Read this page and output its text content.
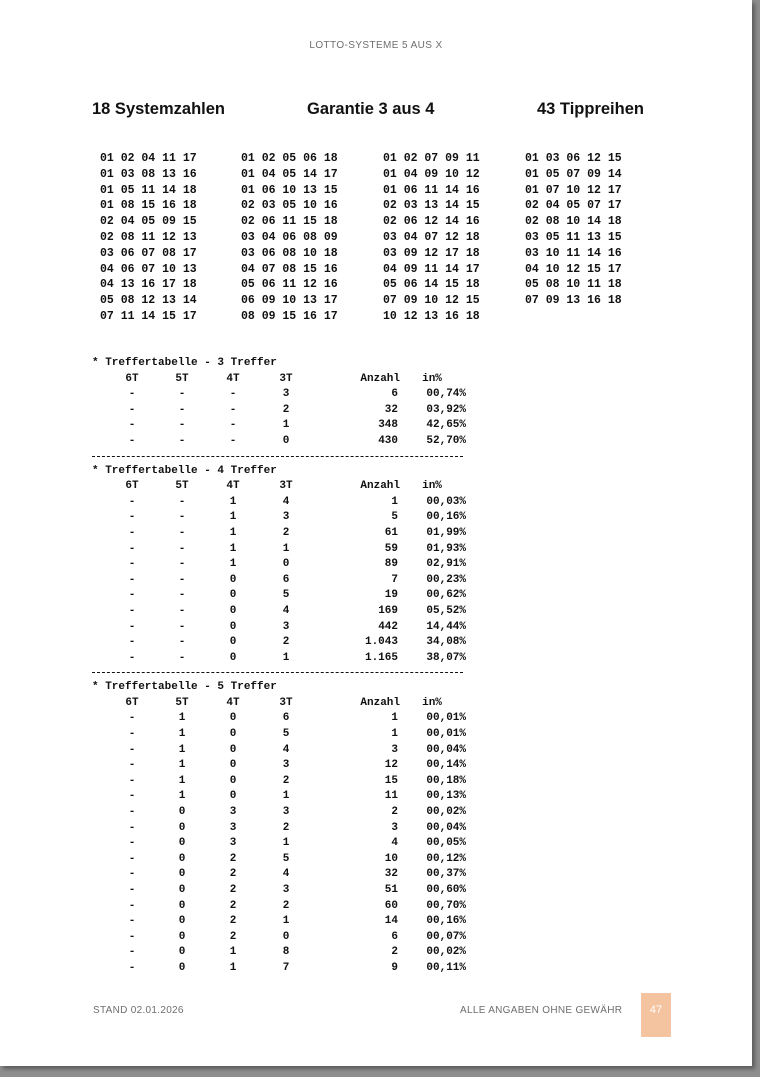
LOTTO-SYSTEME 5 AUS X
18 Systemzahlen	Garantie 3 aus 4	43 Tippreihen
01 02 04 11 17
01 03 08 13 16
01 05 11 14 18
01 08 15 16 18
02 04 05 09 15
02 08 11 12 13
03 06 07 08 17
04 06 07 10 13
04 13 16 17 18
05 08 12 13 14
07 11 14 15 17
01 02 05 06 18
01 04 05 14 17
01 06 10 13 15
02 03 05 10 16
02 06 11 15 18
03 04 06 08 09
03 06 08 10 18
04 07 08 15 16
05 06 11 12 16
06 09 10 13 17
08 09 15 16 17
01 02 07 09 11
01 04 09 10 12
01 06 11 14 16
02 03 13 14 15
02 06 12 14 16
03 04 07 12 18
03 09 12 17 18
04 09 11 14 17
05 06 14 15 18
07 09 10 12 15
10 12 13 16 18
01 03 06 12 15
01 05 07 09 14
01 07 10 12 17
02 04 05 07 17
02 08 10 14 18
03 05 11 13 15
03 10 11 14 16
04 10 12 15 17
05 08 10 11 18
07 09 13 16 18
* Treffertabelle - 3 Treffer
6T	5T	4T	3T	Anzahl	in%
-	-	-	3	6	00,74%
-	-	-	2	32	03,92%
-	-	-	1	348	42,65%
-	-	-	0	430	52,70%
* Treffertabelle - 4 Treffer
6T	5T	4T	3T	Anzahl	in%
-	-	1	4	1	00,03%
-	-	1	3	5	00,16%
-	-	1	2	61	01,99%
-	-	1	1	59	01,93%
-	-	1	0	89	02,91%
-	-	0	6	7	00,23%
-	-	0	5	19	00,62%
-	-	0	4	169	05,52%
-	-	0	3	442	14,44%
-	-	0	2	1.043	34,08%
-	-	0	1	1.165	38,07%
* Treffertabelle - 5 Treffer
6T	5T	4T	3T	Anzahl	in%
-	1	0	6	1	00,01%
-	1	0	5	1	00,01%
-	1	0	4	3	00,04%
-	1	0	3	12	00,14%
-	1	0	2	15	00,18%
-	1	0	1	11	00,13%
-	0	3	3	2	00,02%
-	0	3	2	3	00,04%
-	0	3	1	4	00,05%
-	0	2	5	10	00,12%
-	0	2	4	32	00,37%
-	0	2	3	51	00,60%
-	0	2	2	60	00,70%
-	0	2	1	14	00,16%
-	0	2	0	6	00,07%
-	0	1	8	2	00,02%
-	0	1	7	9	00,11%
STAND 02.01.2026	ALLE ANGABEN OHNE GEWÄHR	47
